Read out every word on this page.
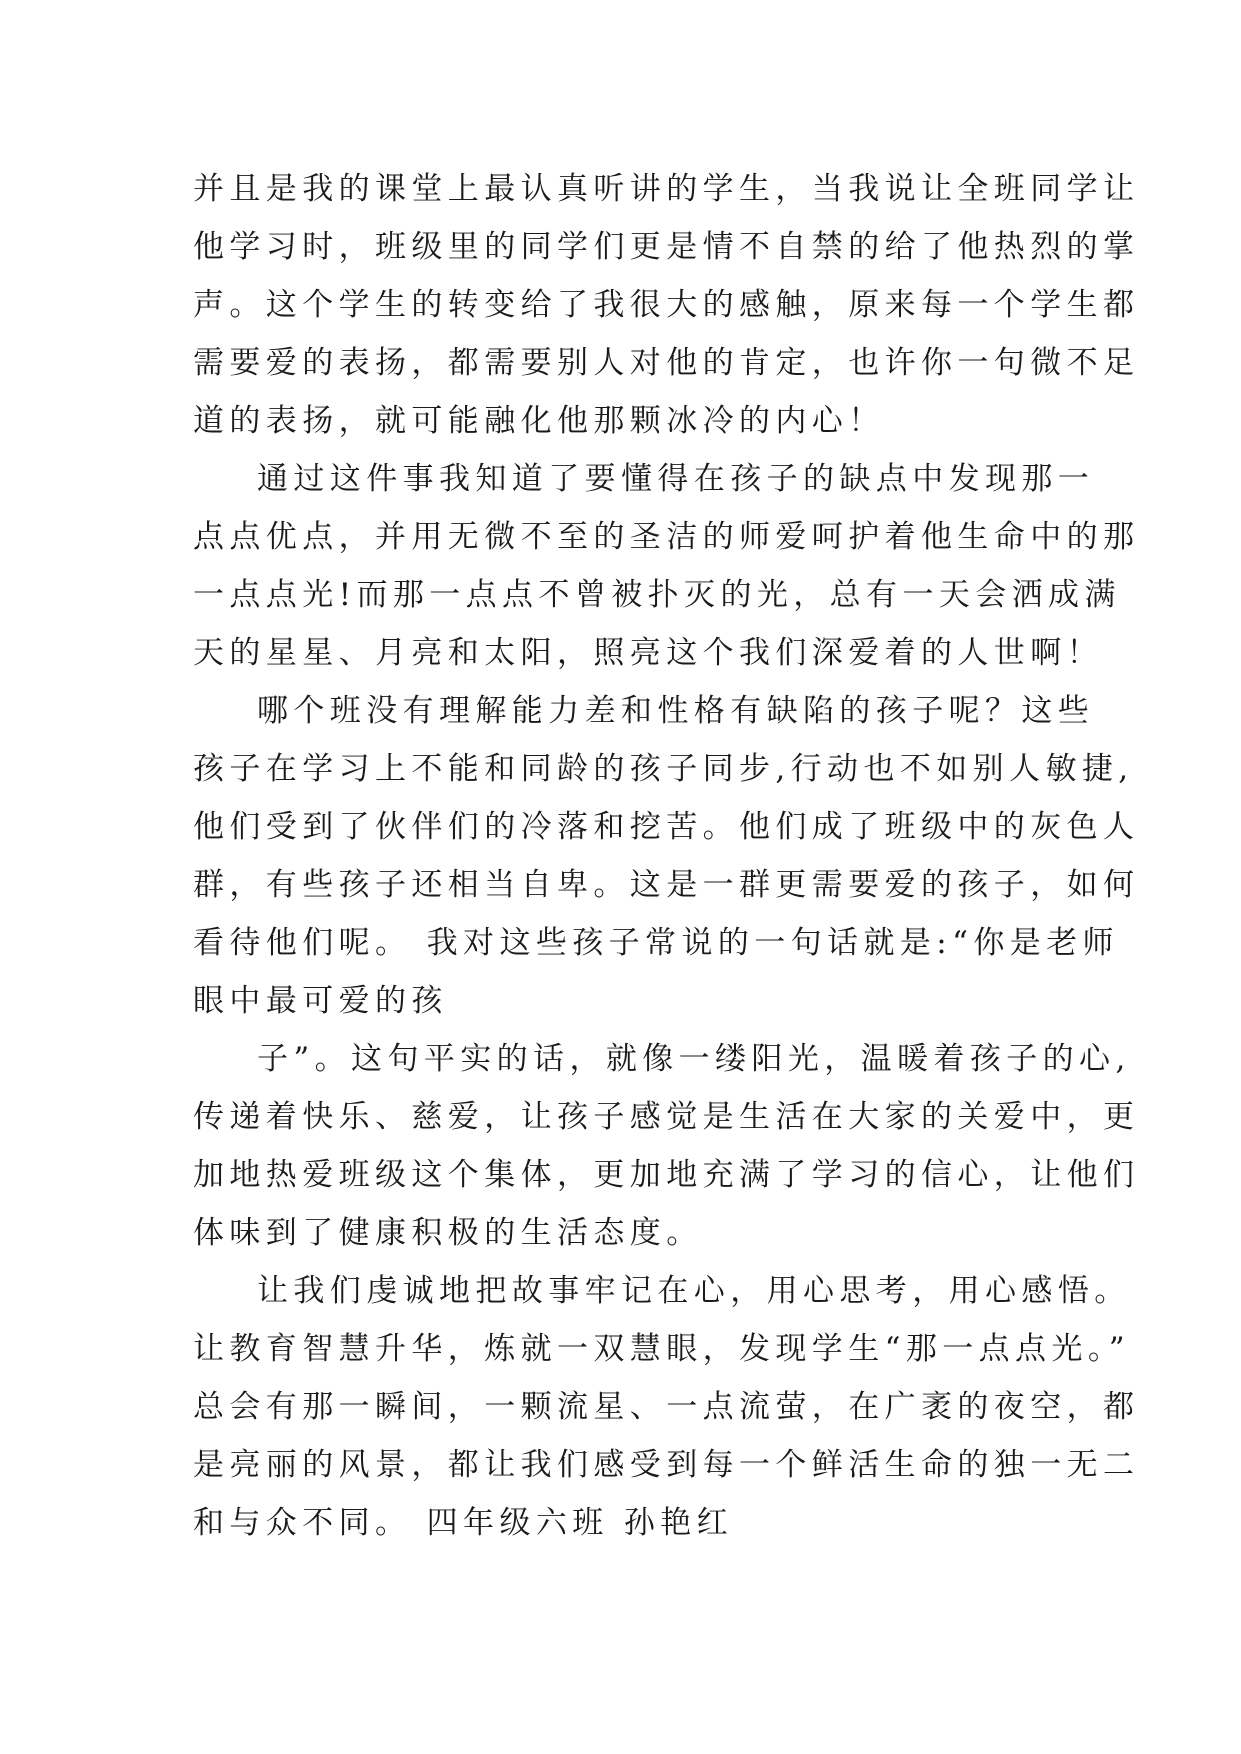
并且是我的课堂上最认真听讲的学生，当我说让全班同学让
他学习时，班级里的同学们更是情不自禁的给了他热烈的掌
声。这个学生的转变给了我很大的感触，原来每一个学生都
需要爱的表扬，都需要别人对他的肯定，也许你一句微不足
道的表扬，就可能融化他那颗冰冷的内心！
通过这件事我知道了要懂得在孩子的缺点中发现那一
点点优点，并用无微不至的圣洁的师爱呵护着他生命中的那
一点点光!而那一点点不曾被扑灭的光，总有一天会洒成满
天的星星、月亮和太阳，照亮这个我们深爱着的人世啊！
哪个班没有理解能力差和性格有缺陷的孩子呢？这些
孩子在学习上不能和同龄的孩子同步,行动也不如别人敏捷,
他们受到了伙伴们的冷落和挖苦。他们成了班级中的灰色人
群，有些孩子还相当自卑。这是一群更需要爱的孩子，如何
看待他们呢。 我对这些孩子常说的一句话就是:“你是老师
眼中最可爱的孩
子”。这句平实的话，就像一缕阳光，温暖着孩子的心,
传递着快乐、慈爱，让孩子感觉是生活在大家的关爱中，更
加地热爱班级这个集体，更加地充满了学习的信心，让他们
体味到了健康积极的生活态度。
让我们虔诚地把故事牢记在心，用心思考，用心感悟。
让教育智慧升华，炼就一双慧眼，发现学生“那一点点光。”
总会有那一瞬间，一颗流星、一点流萤，在广袤的夜空，都
是亮丽的风景，都让我们感受到每一个鲜活生命的独一无二
和与众不同。 四年级六班 孙艳红
